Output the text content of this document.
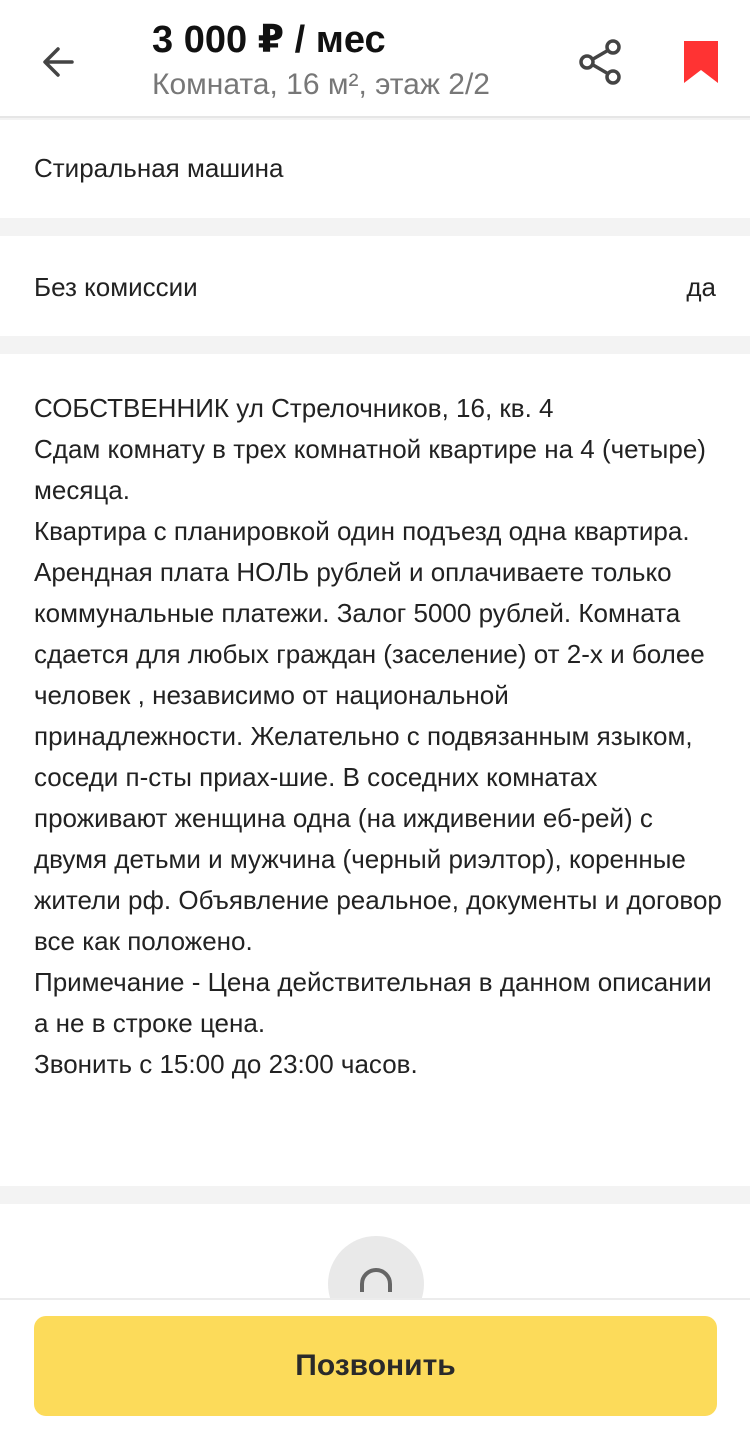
3 000 ₽ / мес
Комната, 16 м², этаж 2/2
Стиральная машина
Без комиссии	да

СОБСТВЕННИК ул Стрелочников, 16, кв. 4

Сдам комнату в трех комнатной квартире на 4 (четыре) месяца.

Квартира с планировкой один подъезд одна квартира. Арендная плата НОЛЬ рублей и оплачиваете только коммунальные платежи. Залог 5000 рублей. Комната сдается для любых граждан (заселение) от 2-х и более человек , независимо от национальной принадлежности. Желательно с подвязанным языком, соседи п-сты приах-шие. В соседних комнатах проживают женщина одна (на иждивении еб-рей) с двумя детьми и мужчина (черный риэлтор), коренные жители рф. Объявление реальное, документы и договор все как положено.

Примечание - Цена действительная в данном описании а не в строке цена.

Звонить с 15:00 до 23:00 часов.

Позвонить
